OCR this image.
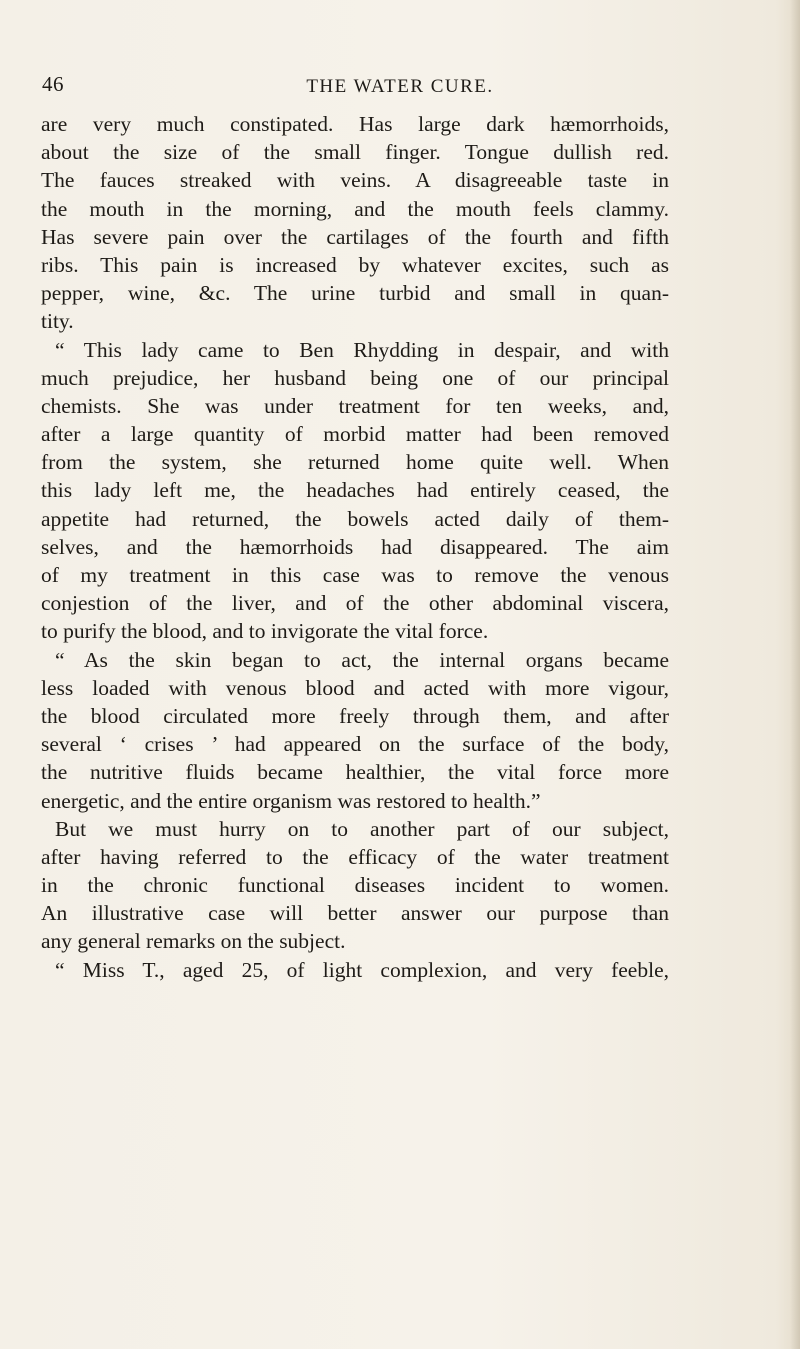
46	THE WATER CURE.
are very much constipated. Has large dark hæmorrhoids,
about the size of the small finger. Tongue dullish red.
The fauces streaked with veins. A disagreeable taste in
the mouth in the morning, and the mouth feels clammy.
Has severe pain over the cartilages of the fourth and fifth
ribs. This pain is increased by whatever excites, such as
pepper, wine, &c. The urine turbid and small in quan-
tity.
“ This lady came to Ben Rhydding in despair, and with
much prejudice, her husband being one of our principal
chemists. She was under treatment for ten weeks, and,
after a large quantity of morbid matter had been removed
from the system, she returned home quite well. When
this lady left me, the headaches had entirely ceased, the
appetite had returned, the bowels acted daily of them-
selves, and the hæmorrhoids had disappeared. The aim
of my treatment in this case was to remove the venous
conjestion of the liver, and of the other abdominal viscera,
to purify the blood, and to invigorate the vital force.
“ As the skin began to act, the internal organs became
less loaded with venous blood and acted with more vigour,
the blood circulated more freely through them, and after
several ‘ crises ’ had appeared on the surface of the body,
the nutritive fluids became healthier, the vital force more
energetic, and the entire organism was restored to health.”
But we must hurry on to another part of our subject,
after having referred to the efficacy of the water treatment
in the chronic functional diseases incident to women.
An illustrative case will better answer our purpose than
any general remarks on the subject.
“ Miss T., aged 25, of light complexion, and very feeble,
